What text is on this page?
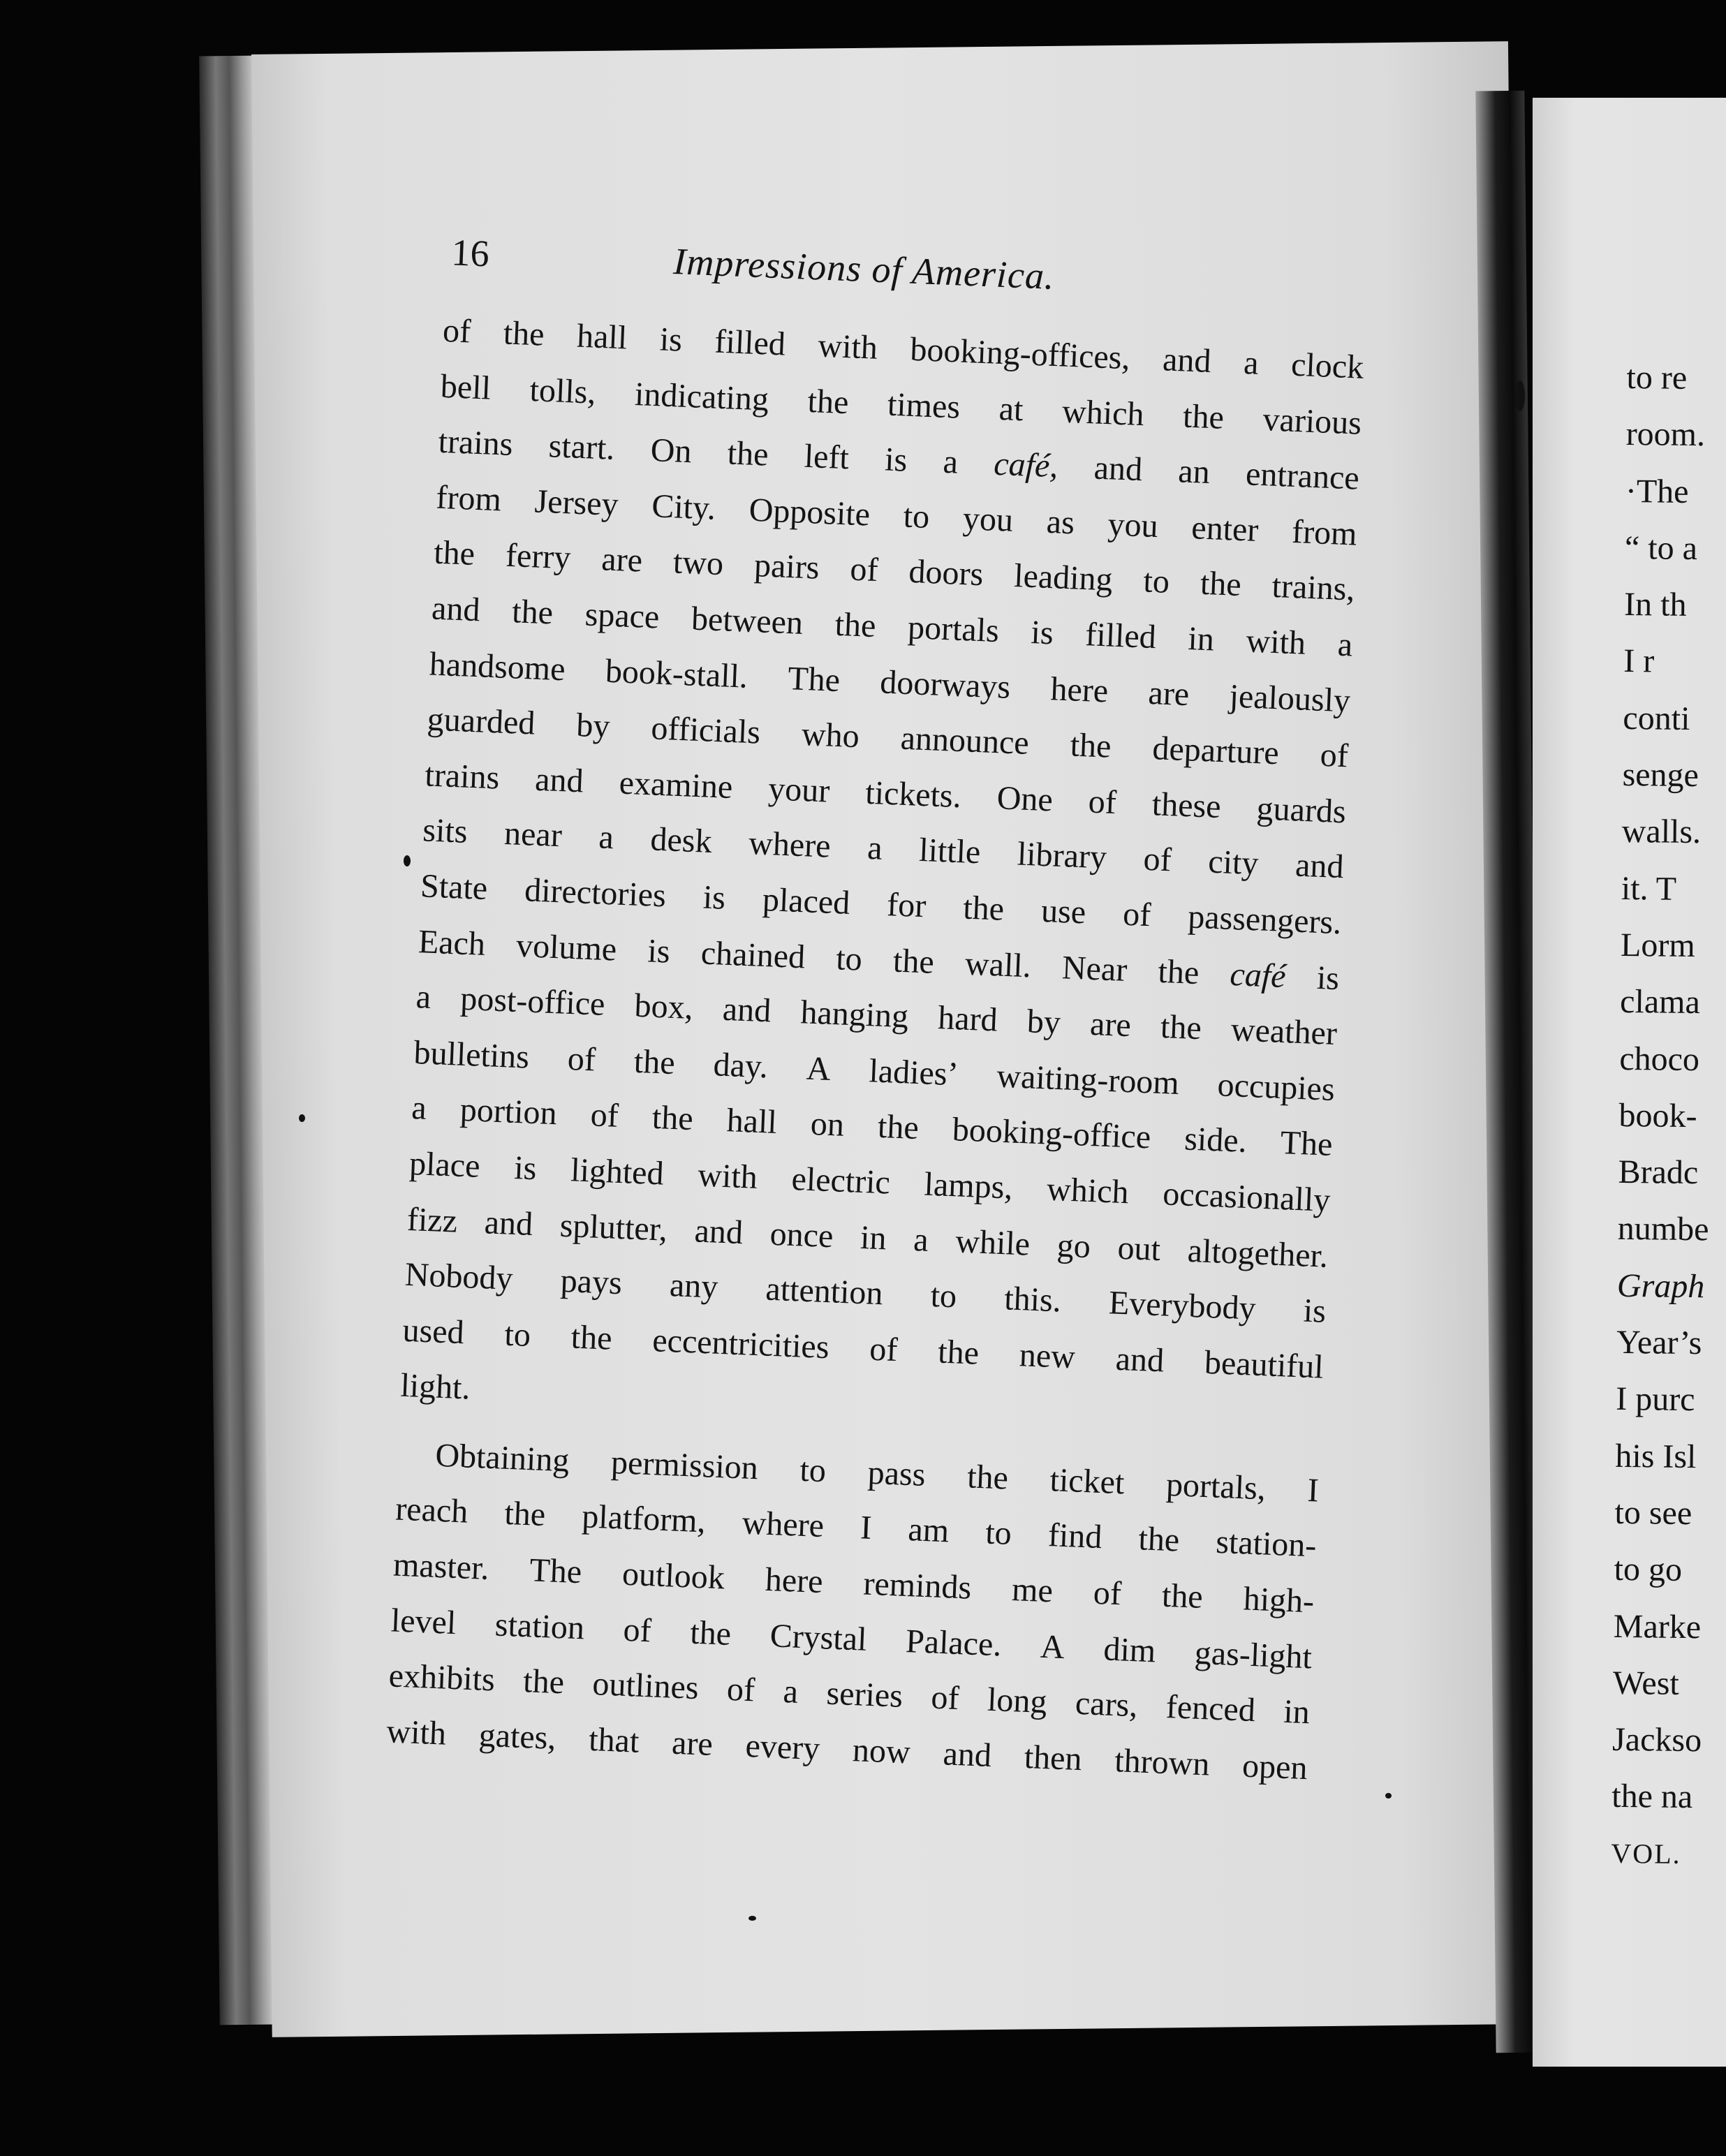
16	Impressions of America.
of the hall is filled with booking-offices, and a clock
bell tolls, indicating the times at which the various
trains start. On the left is a café, and an entrance
from Jersey City. Opposite to you as you enter from
the ferry are two pairs of doors leading to the trains,
and the space between the portals is filled in with a
handsome book-stall. The doorways here are jealously
guarded by officials who announce the departure of
trains and examine your tickets. One of these guards
sits near a desk where a little library of city and
State directories is placed for the use of passengers.
Each volume is chained to the wall. Near the café is
a post-office box, and hanging hard by are the weather
bulletins of the day. A ladies’ waiting-room occupies
a portion of the hall on the booking-office side. The
place is lighted with electric lamps, which occasionally
fizz and splutter, and once in a while go out altogether.
Nobody pays any attention to this. Everybody is
used to the eccentricities of the new and beautiful
light.
Obtaining permission to pass the ticket portals, I
reach the platform, where I am to find the station-
master. The outlook here reminds me of the high-
level station of the Crystal Palace. A dim gas-light
exhibits the outlines of a series of long cars, fenced in
with gates, that are every now and then thrown open
to re
room.
·The
“ to a
In th
I r
conti
senge
walls.
it. T
Lorm
clama
choco
book-
Bradc
numbe
Graph
Year’s
I purc
his Isl
to see
to go
Marke
West
Jackso
the na
VOL.
